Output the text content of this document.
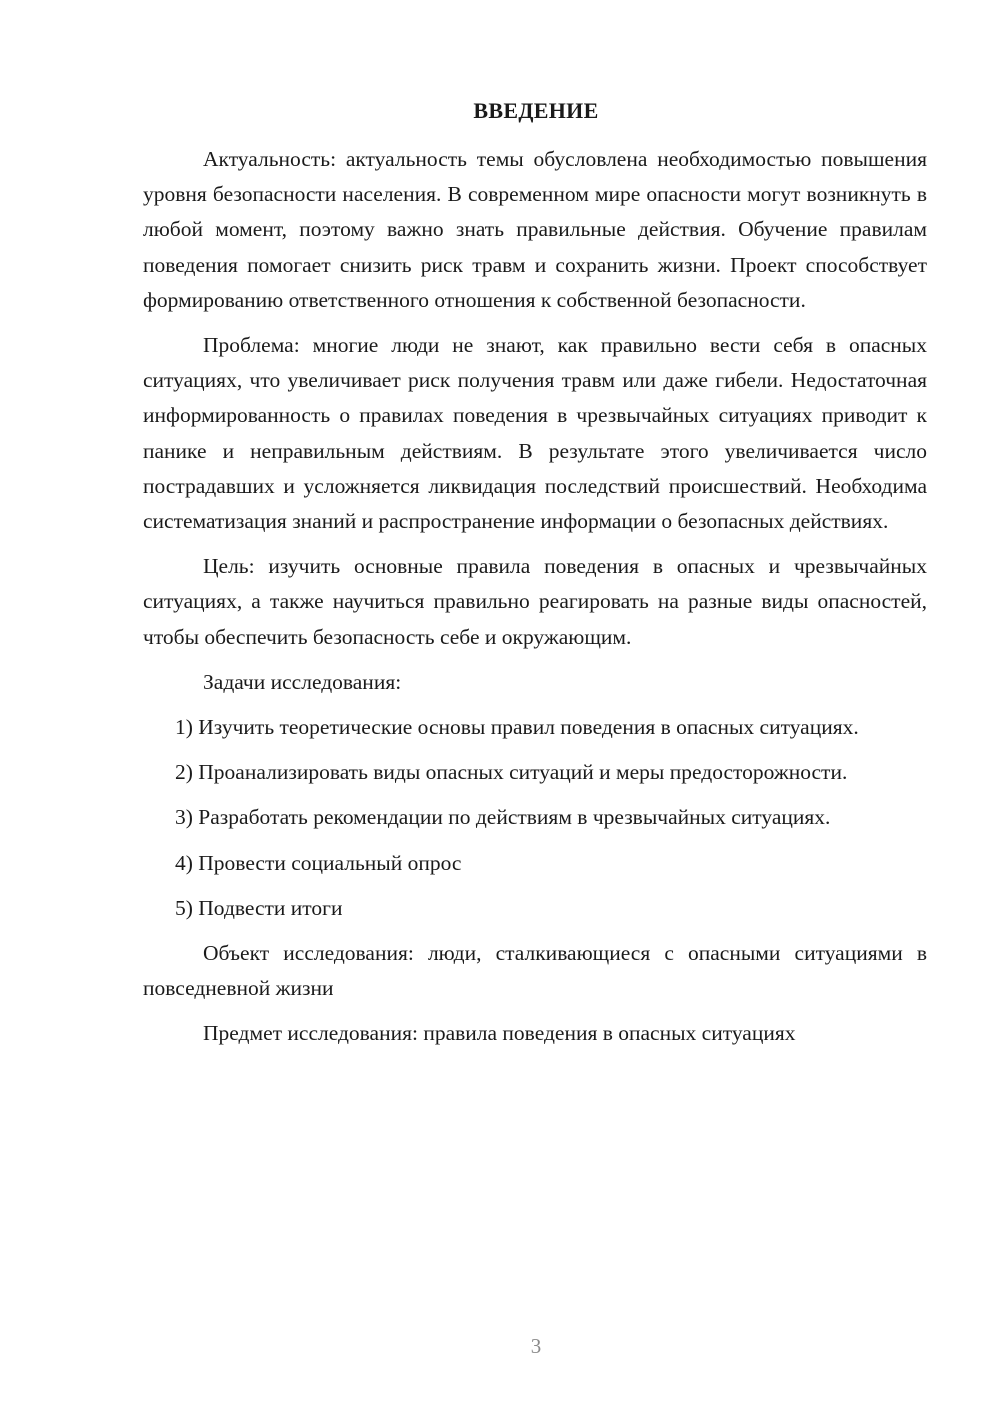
ВВЕДЕНИЕ

Актуальность: актуальность темы обусловлена необходимостью повышения уровня безопасности населения. В современном мире опасности могут возникнуть в любой момент, поэтому важно знать правильные действия. Обучение правилам поведения помогает снизить риск травм и сохранить жизни. Проект способствует формированию ответственного отношения к собственной безопасности.

Проблема: многие люди не знают, как правильно вести себя в опасных ситуациях, что увеличивает риск получения травм или даже гибели. Недостаточная информированность о правилах поведения в чрезвычайных ситуациях приводит к панике и неправильным действиям. В результате этого увеличивается число пострадавших и усложняется ликвидация последствий происшествий. Необходима систематизация знаний и распространение информации о безопасных действиях.

Цель: изучить основные правила поведения в опасных и чрезвычайных ситуациях, а также научиться правильно реагировать на разные виды опасностей, чтобы обеспечить безопасность себе и окружающим.

Задачи исследования:

1) Изучить теоретические основы правил поведения в опасных ситуациях.

2) Проанализировать виды опасных ситуаций и меры предосторожности.

3) Разработать рекомендации по действиям в чрезвычайных ситуациях.

4) Провести социальный опрос

5) Подвести итоги

Объект исследования: люди, сталкивающиеся с опасными ситуациями в повседневной жизни

Предмет исследования: правила поведения в опасных ситуациях

3
